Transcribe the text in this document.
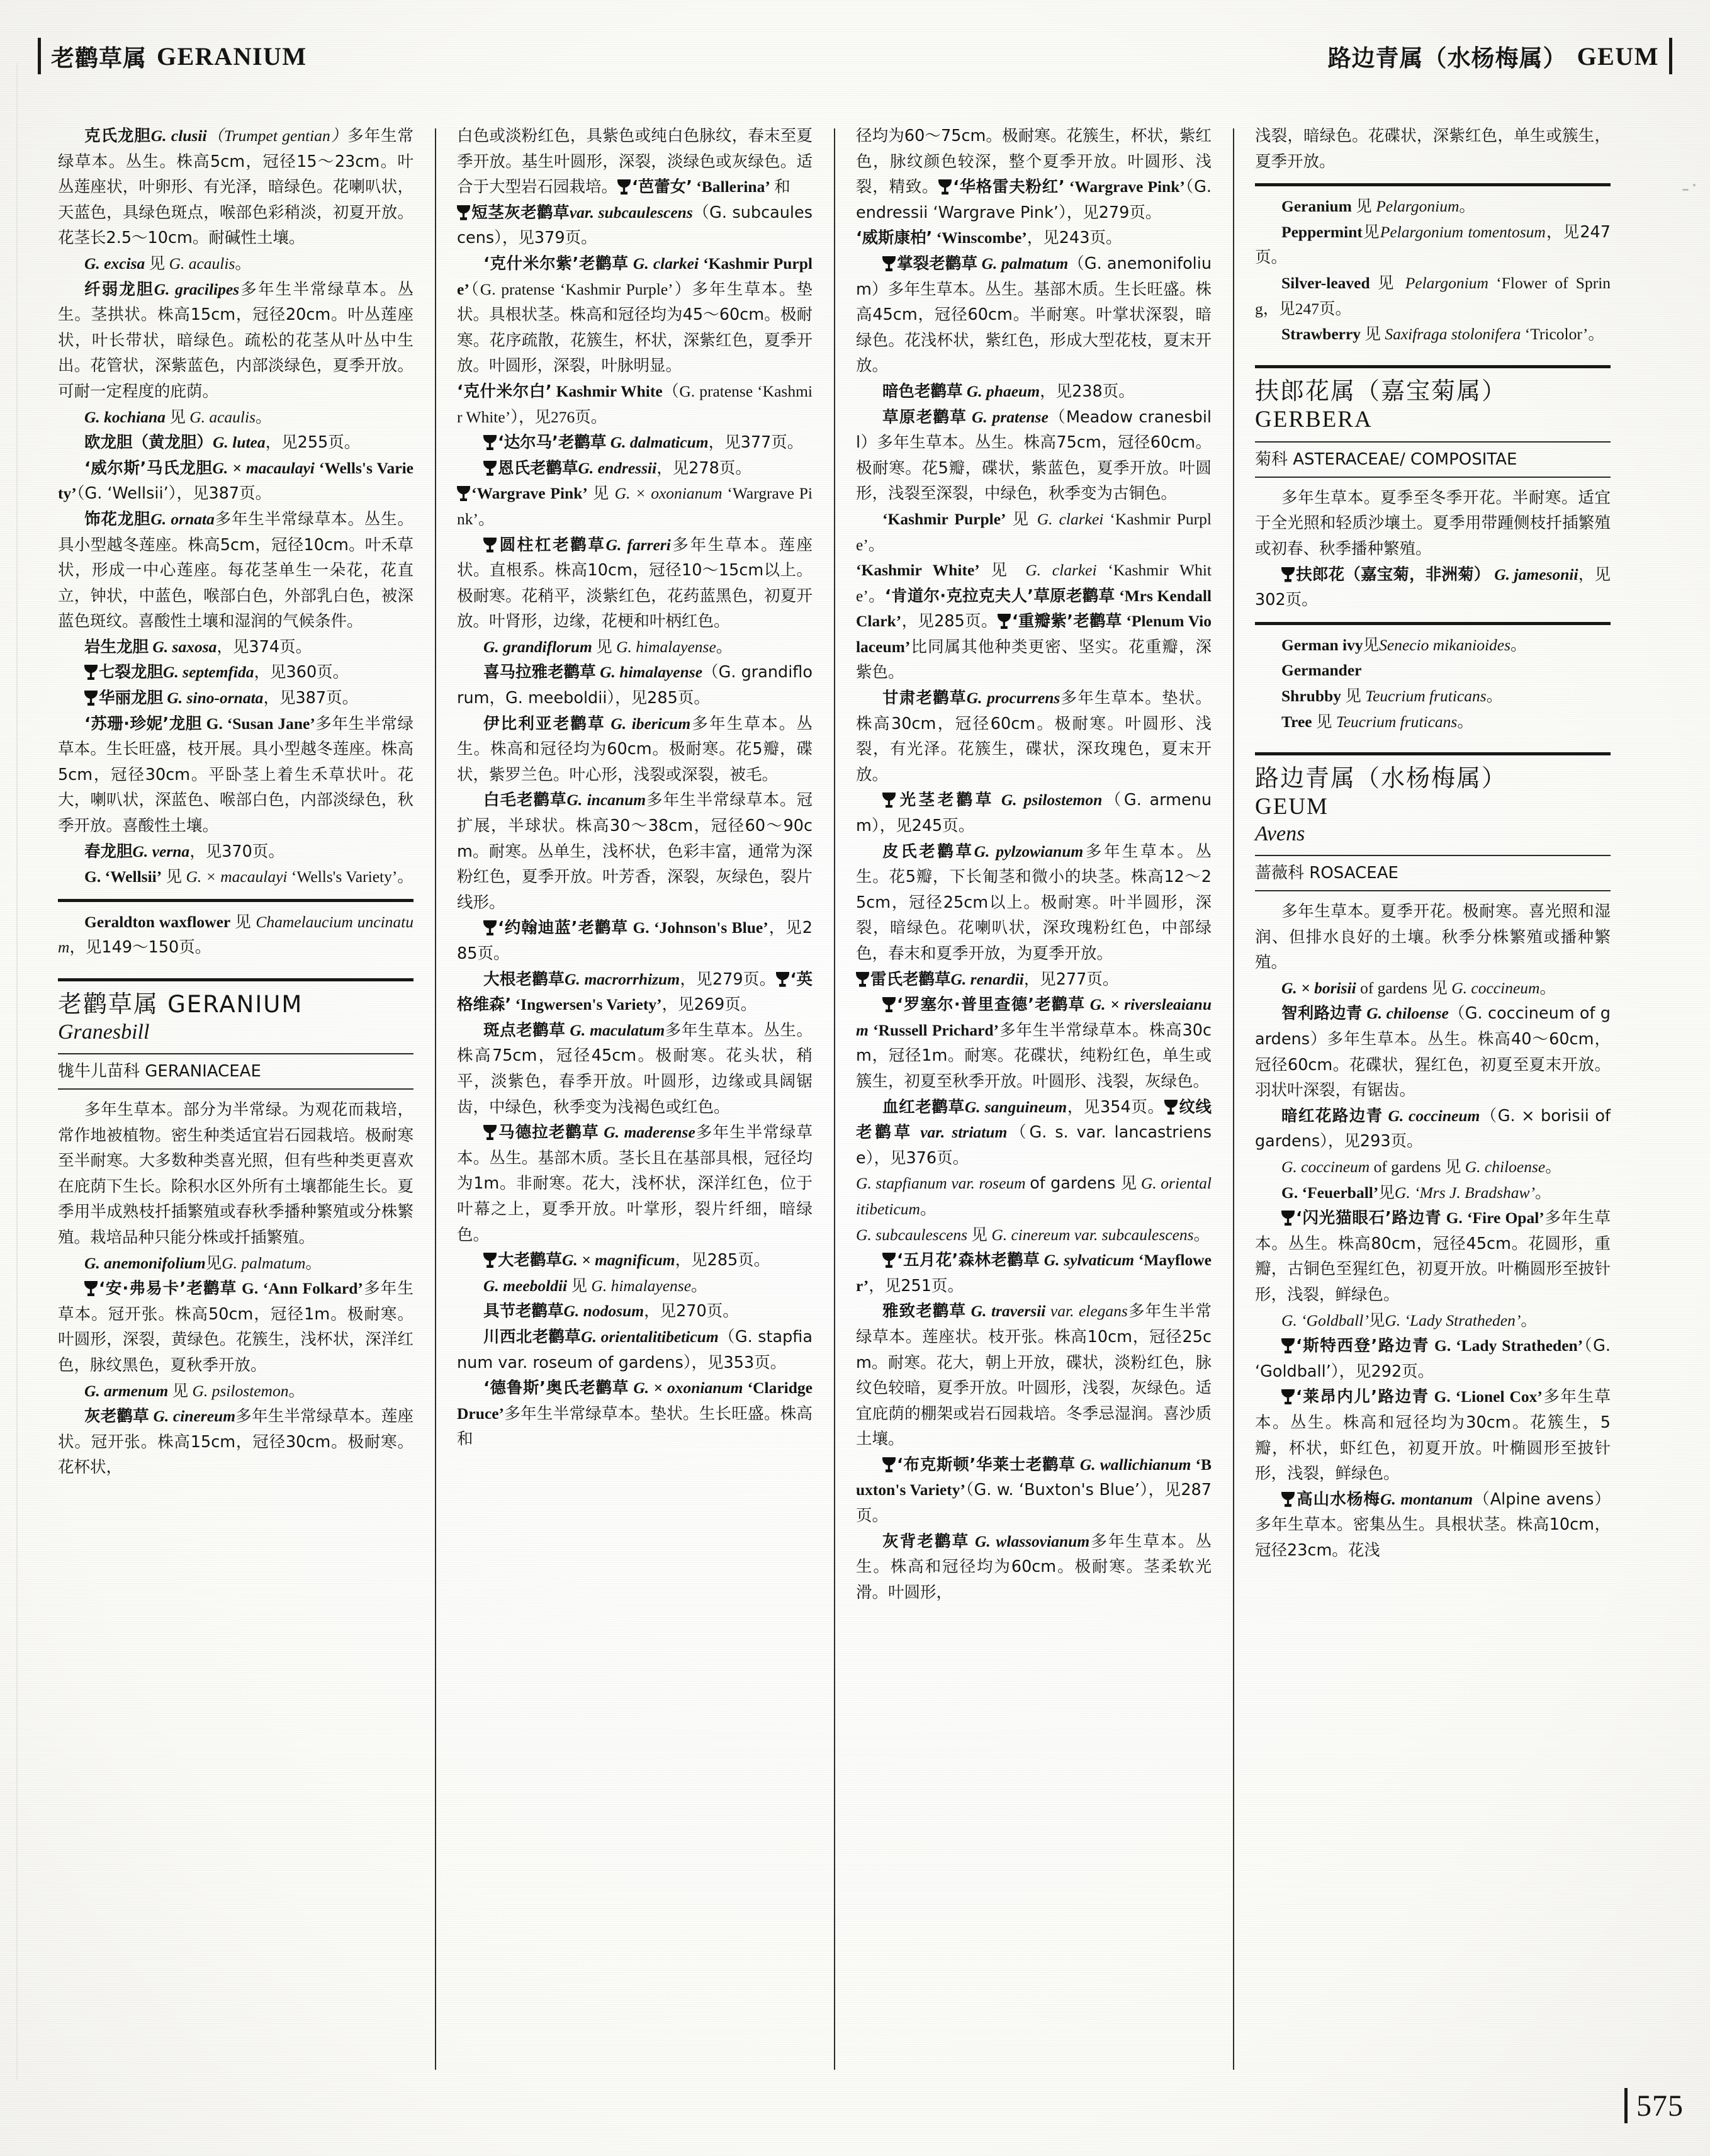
老鹳草属 GERANIUM	路边青属（水杨梅属） GEUM

克氏龙胆G. clusii（Trumpet gentian）多年生常绿草本。丛生。株高5cm，冠径15～23cm。叶丛莲座状，叶卵形、有光泽，暗绿色。花喇叭状，天蓝色，具绿色斑点，喉部色彩稍淡，初夏开放。花茎长2.5～10cm。耐碱性土壤。

G. excisa 见 G. acaulis。

纤弱龙胆G. gracilipes多年生半常绿草本。丛生。茎拱状。株高15cm，冠径20cm。叶丛莲座状，叶长带状，暗绿色。疏松的花茎从叶丛中生出。花管状，深紫蓝色，内部淡绿色，夏季开放。可耐一定程度的庇荫。

G. kochiana 见 G. acaulis。

欧龙胆（黄龙胆）G. lutea，见255页。

‘威尔斯’马氏龙胆G. × macaulayi ‘Wells's Variety’（G. ‘Wellsii’），见387页。

饰花龙胆G. ornata多年生半常绿草本。丛生。具小型越冬莲座。株高5cm，冠径10cm。叶禾草状，形成一中心莲座。每花茎单生一朵花，花直立，钟状，中蓝色，喉部白色，外部乳白色，被深蓝色斑纹。喜酸性土壤和湿润的气候条件。

岩生龙胆 G. saxosa，见374页。

七裂龙胆G. septemfida，见360页。

华丽龙胆 G. sino-ornata，见387页。

‘苏珊·珍妮’龙胆 G. ‘Susan Jane’多年生半常绿草本。生长旺盛，枝开展。具小型越冬莲座。株高5cm，冠径30cm。平卧茎上着生禾草状叶。花大，喇叭状，深蓝色、喉部白色，内部淡绿色，秋季开放。喜酸性土壤。

春龙胆G. verna，见370页。

G. ‘Wellsii’ 见 G. × macaulayi ‘Wells's Variety’。

Geraldton waxflower 见 Chamelaucium uncinatum，见149～150页。

老鹳草属 GERANIUM
Granesbill
牻牛儿苗科 GERANIACEAE

多年生草本。部分为半常绿。为观花而栽培，常作地被植物。密生种类适宜岩石园栽培。极耐寒至半耐寒。大多数种类喜光照，但有些种类更喜欢在庇荫下生长。除积水区外所有土壤都能生长。夏季用半成熟枝扦插繁殖或春秋季播种繁殖或分株繁殖。栽培品种只能分株或扦插繁殖。

G. anemonifolium见G. palmatum。

‘安·弗易卡’老鹳草 G. ‘Ann Folkard’多年生草本。冠开张。株高50cm，冠径1m。极耐寒。叶圆形，深裂，黄绿色。花簇生，浅杯状，深洋红色，脉纹黑色，夏秋季开放。

G. armenum 见 G. psilostemon。

灰老鹳草 G. cinereum多年生半常绿草本。莲座状。冠开张。株高15cm，冠径30cm。极耐寒。花杯状，

白色或淡粉红色，具紫色或纯白色脉纹，春末至夏季开放。基生叶圆形，深裂，淡绿色或灰绿色。适合于大型岩石园栽培。 ‘芭蕾女’ ‘Ballerina’ 和

短茎灰老鹳草var. subcaulescens（G. subcaulescens），见379页。

‘克什米尔紫’老鹳草 G. clarkei ‘Kashmir Purple’（G. pratense ‘Kashmir Purple’）多年生草本。垫状。具根状茎。株高和冠径均为45～60cm。极耐寒。花序疏散，花簇生，杯状，深紫红色，夏季开放。叶圆形，深裂，叶脉明显。

‘克什米尔白’ Kashmir White（G. pratense ‘Kashmir White’），见276页。

‘达尔马’老鹳草 G. dalmaticum，见377页。

恩氏老鹳草G. endressii，见278页。

‘Wargrave Pink’ 见 G. × oxonianum ‘Wargrave Pink’。

圆柱杠老鹳草G. farreri多年生草本。莲座状。直根系。株高10cm，冠径10～15cm以上。极耐寒。花稍平，淡紫红色，花药蓝黑色，初夏开放。叶肾形，边缘，花梗和叶柄红色。

G. grandiflorum 见 G. himalayense。

喜马拉雅老鹳草 G. himalayense（G. grandiflorum，G. meeboldii），见285页。

伊比利亚老鹳草 G. ibericum多年生草本。丛生。株高和冠径均为60cm。极耐寒。花5瓣，碟状，紫罗兰色。叶心形，浅裂或深裂，被毛。

白毛老鹳草G. incanum多年生半常绿草本。冠扩展，半球状。株高30～38cm，冠径60～90cm。耐寒。丛单生，浅杯状，色彩丰富，通常为深粉红色，夏季开放。叶芳香，深裂，灰绿色，裂片线形。

‘约翰迪蓝’老鹳草 G. ‘Johnson's Blue’，见285页。

大根老鹳草G. macrorrhizum，见279页。 ‘英格维森’ ‘Ingwersen's Variety’，见269页。

斑点老鹳草 G. maculatum多年生草本。丛生。株高75cm，冠径45cm。极耐寒。花头状，稍平，淡紫色，春季开放。叶圆形，边缘或具阔锯齿，中绿色，秋季变为浅褐色或红色。

马德拉老鹳草 G. maderense多年生半常绿草本。丛生。基部木质。茎长且在基部具根，冠径均为1m。非耐寒。花大，浅杯状，深洋红色，位于叶幕之上，夏季开放。叶掌形，裂片纤细，暗绿色。

大老鹳草G. × magnificum，见285页。

G. meeboldii 见 G. himalayense。

具节老鹳草G. nodosum，见270页。

川西北老鹳草G. orientalitibeticum（G. stapfianum var. roseum of gardens），见353页。

‘德鲁斯’奥氏老鹳草 G. × oxonianum ‘Claridge Druce’多年生半常绿草本。垫状。生长旺盛。株高和

径均为60～75cm。极耐寒。花簇生，杯状，紫红色，脉纹颜色较深，整个夏季开放。叶圆形、浅裂，精致。 ‘华格雷夫粉红’ ‘Wargrave Pink’（G. endressii ‘Wargrave Pink’），见279页。

‘威斯康柏’ ‘Winscombe’，见243页。

掌裂老鹳草 G. palmatum（G. anemonifolium）多年生草本。丛生。基部木质。生长旺盛。株高45cm，冠径60cm。半耐寒。叶掌状深裂，暗绿色。花浅杯状，紫红色，形成大型花枝，夏末开放。

暗色老鹳草 G. phaeum，见238页。

草原老鹳草 G. pratense（Meadow cranesbill）多年生草本。丛生。株高75cm，冠径60cm。极耐寒。花5瓣，碟状，紫蓝色，夏季开放。叶圆形，浅裂至深裂，中绿色，秋季变为古铜色。

‘Kashmir Purple’ 见 G. clarkei ‘Kashmir Purple’。

‘Kashmir White’ 见 G. clarkei ‘Kashmir White’。‘肯道尔·克拉克夫人’草原老鹳草 ‘Mrs Kendall Clark’，见285页。 ‘重瓣紫’老鹳草 ‘Plenum Violaceum’比同属其他种类更密、坚实。花重瓣，深紫色。

甘肃老鹳草G. procurrens多年生草本。垫状。株高30cm，冠径60cm。极耐寒。叶圆形、浅裂，有光泽。花簇生，碟状，深玫瑰色，夏末开放。

光茎老鹳草 G. psilostemon（G. armenum），见245页。

皮氏老鹳草G. pylzowianum多年生草本。丛生。花5瓣，下长匍茎和微小的块茎。株高12～25cm，冠径25cm以上。极耐寒。叶半圆形，深裂，暗绿色。花喇叭状，深玫瑰粉红色，中部绿色，春末和夏季开放，为夏季开放。

雷氏老鹳草G. renardii，见277页。

‘罗塞尔·普里查德’老鹳草 G. × riversleaianum ‘Russell Prichard’多年生半常绿草本。株高30cm，冠径1m。耐寒。花碟状，纯粉红色，单生或簇生，初夏至秋季开放。叶圆形、浅裂，灰绿色。

血红老鹳草G. sanguineum，见354页。 纹线老鹳草 var. striatum（G. s. var. lancastriense），见376页。

G. stapfianum var. roseum of gardens 见 G. orientalitibeticum。

G. subcaulescens 见 G. cinereum var. subcaulescens。

‘五月花’森林老鹳草 G. sylvaticum ‘Mayflower’，见251页。

雅致老鹳草 G. traversii var. elegans多年生半常绿草本。莲座状。枝开张。株高10cm，冠径25cm。耐寒。花大，朝上开放，碟状，淡粉红色，脉纹色较暗，夏季开放。叶圆形，浅裂，灰绿色。适宜庇荫的棚架或岩石园栽培。冬季忌湿润。喜沙质土壤。

‘布克斯顿’华莱士老鹳草 G. wallichianum ‘Buxton's Variety’（G. w. ‘Buxton's Blue’），见287页。

灰背老鹳草 G. wlassovianum多年生草本。丛生。株高和冠径均为60cm。极耐寒。茎柔软光滑。叶圆形，

浅裂，暗绿色。花碟状，深紫红色，单生或簇生，夏季开放。

Geranium 见 Pelargonium。

Peppermint见Pelargonium tomentosum，见247页。

Silver-leaved 见 Pelargonium ‘Flower of Spring，见247页。

Strawberry 见 Saxifraga stolonifera ‘Tricolor’。

扶郎花属（嘉宝菊属）
GERBERA
菊科 ASTERACEAE/ COMPOSITAE

多年生草本。夏季至冬季开花。半耐寒。适宜于全光照和轻质沙壤土。夏季用带踵侧枝扦插繁殖或初春、秋季播种繁殖。

扶郎花（嘉宝菊，非洲菊） G. jamesonii，见302页。

German ivy见Senecio mikanioides。

Germander

Shrubby 见 Teucrium fruticans。

Tree 见 Teucrium fruticans。

路边青属（水杨梅属）
GEUM
Avens
蔷薇科 ROSACEAE

多年生草本。夏季开花。极耐寒。喜光照和湿润、但排水良好的土壤。秋季分株繁殖或播种繁殖。

G. × borisii of gardens 见 G. coccineum。

智利路边青 G. chiloense（G. coccineum of gardens）多年生草本。丛生。株高40～60cm，冠径60cm。花碟状，猩红色，初夏至夏末开放。羽状叶深裂，有锯齿。

暗红花路边青 G. coccineum（G. × borisii of gardens），见293页。

G. coccineum of gardens 见 G. chiloense。

G. ‘Feuerball’见G. ‘Mrs J. Bradshaw’。

‘闪光猫眼石’路边青 G. ‘Fire Opal’多年生草本。丛生。株高80cm，冠径45cm。花圆形，重瓣，古铜色至猩红色，初夏开放。叶椭圆形至披针形，浅裂，鲜绿色。

G. ‘Goldball’见G. ‘Lady Stratheden’。

‘斯特西登’路边青 G. ‘Lady Stratheden’（G. ‘Goldball’），见292页。

‘莱昂内儿’路边青 G. ‘Lionel Cox’多年生草本。丛生。株高和冠径均为30cm。花簇生，5瓣，杯状，虾红色，初夏开放。叶椭圆形至披针形，浅裂，鲜绿色。

高山水杨梅G. montanum（Alpine avens）多年生草本。密集丛生。具根状茎。株高10cm，冠径23cm。花浅

575
